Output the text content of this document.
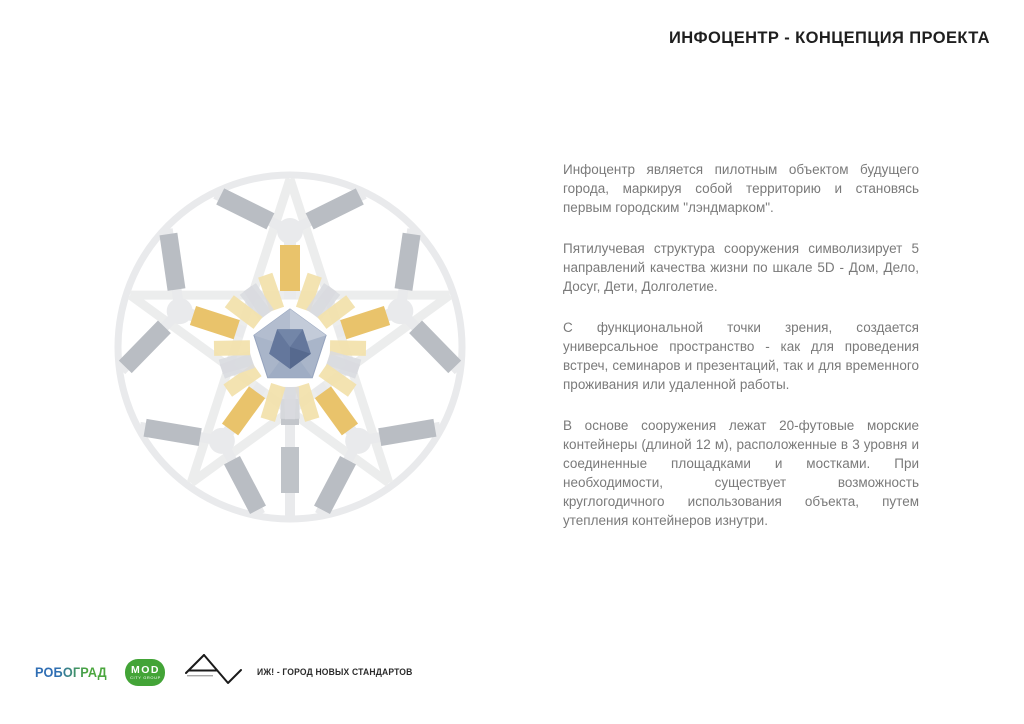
ИНФОЦЕНТР - КОНЦЕПЦИЯ ПРОЕКТА

Инфоцентр является пилотным объектом будущего города, маркируя собой территорию и становясь первым городским "лэндмарком".

Пятилучевая структура сооружения символизирует 5 направлений качества жизни по шкале 5D - Дом, Дело, Досуг, Дети, Долголетие.

С функциональной точки зрения, создается универсальное пространство - как для проведения встреч, семинаров и презентаций, так и для временного проживания или удаленной работы.

В основе сооружения лежат 20-футовые морские контейнеры (длиной 12 м), расположенные в 3 уровня и соединенные площадками и мостками. При необходимости, существует возможность круглогодичного использования объекта, путем утепления контейнеров изнутри.

РОБОГРАД MOD
CITY GROUP	ИЖ! - ГОРОД НОВЫХ СТАНДАРТОВ
